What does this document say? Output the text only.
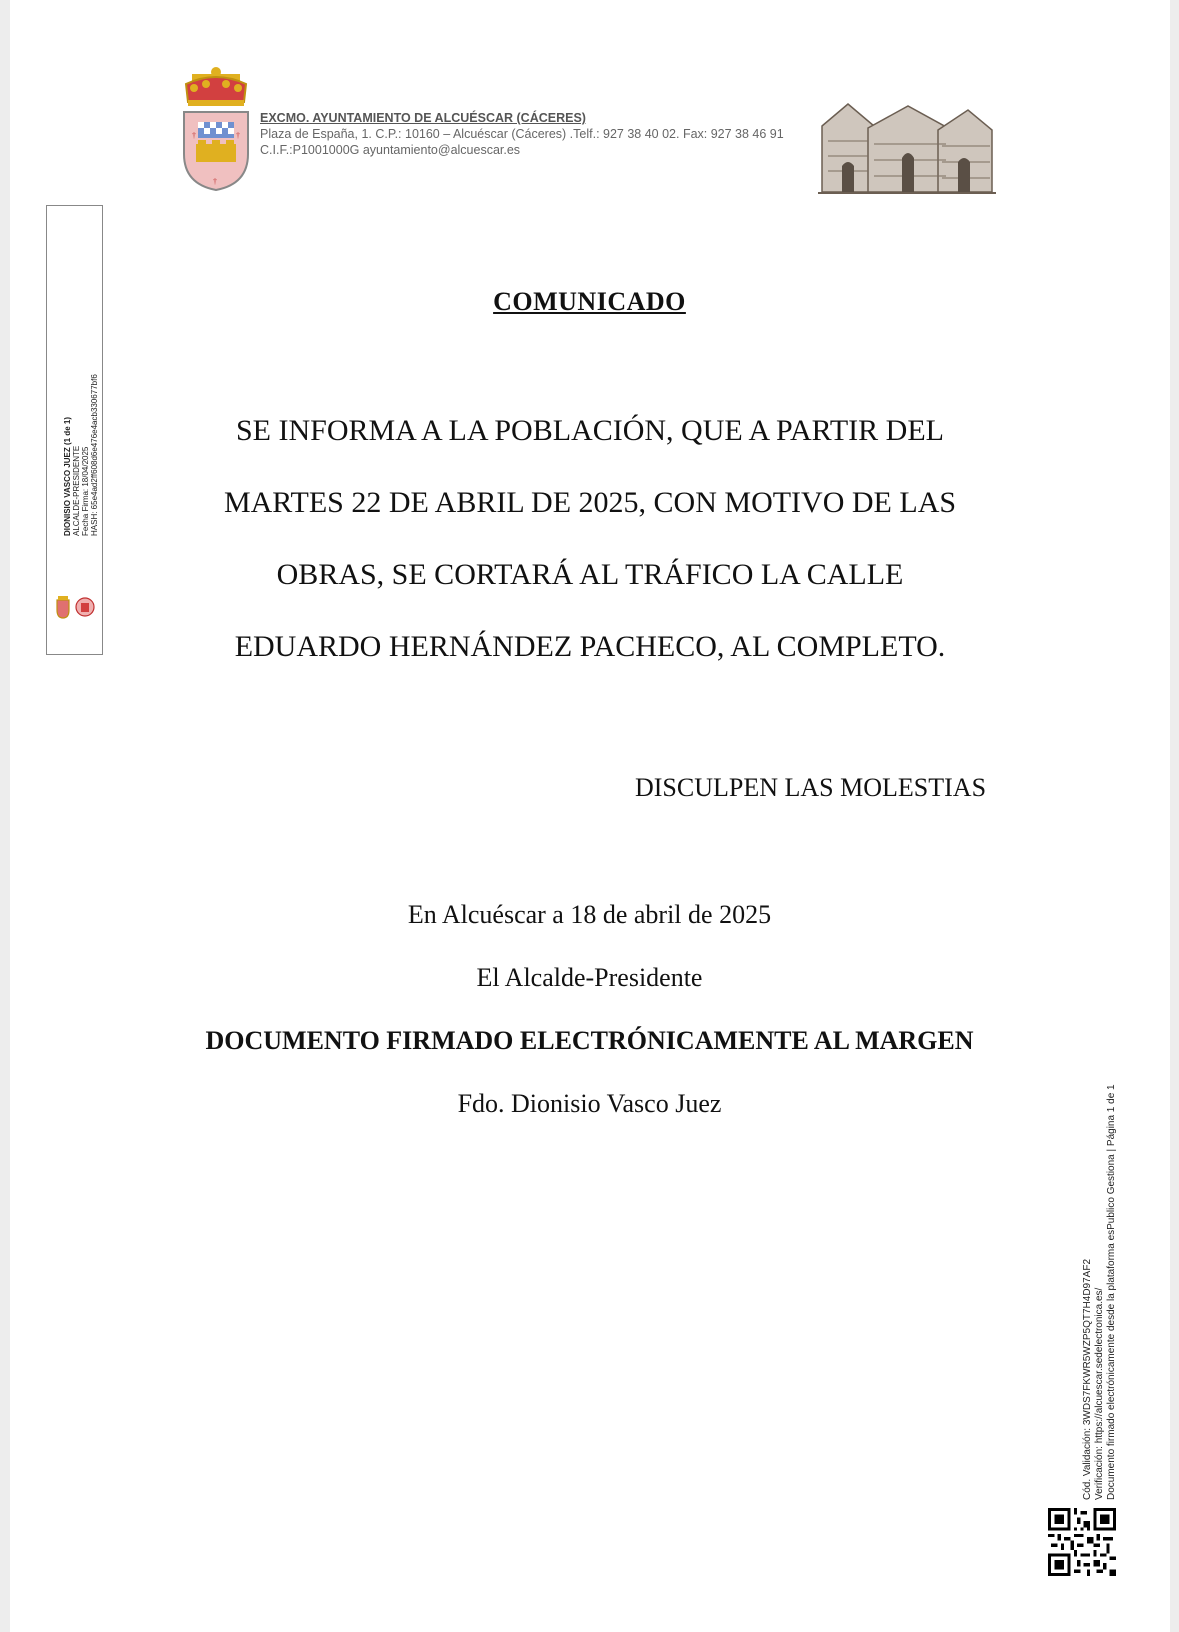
†	†
†
EXCMO. AYUNTAMIENTO DE ALCUÉSCAR (CÁCERES)
Plaza de España, 1. C.P.: 10160 – Alcuéscar (Cáceres) .Telf.: 927 38 40 02. Fax: 927 38 46 91
C.I.F.:P1001000G ayuntamiento@alcuescar.es
DIONISIO VASCO JUEZ (1 de 1) ALCALDE-PRESIDENTE Fecha Firma: 18/04/2025 HASH: 65e4ad2ff608d6e476e4acb330677bf6
COMUNICADO
SE INFORMA A LA POBLACIÓN, QUE A PARTIR DEL
MARTES 22 DE ABRIL DE 2025, CON MOTIVO DE LAS
OBRAS, SE CORTARÁ AL TRÁFICO LA CALLE
EDUARDO HERNÁNDEZ PACHECO, AL COMPLETO.
DISCULPEN LAS MOLESTIAS
En Alcuéscar a 18 de abril de 2025
El Alcalde-Presidente
DOCUMENTO FIRMADO ELECTRÓNICAMENTE AL MARGEN
Fdo. Dionisio Vasco Juez
Cód. Validación: 3WDS7FKWR5WZP5QT7H4D97AF2 Verificación: https://alcuescar.sedelectronica.es/ Documento firmado electrónicamente desde la plataforma esPublico Gestiona | Página 1 de 1
